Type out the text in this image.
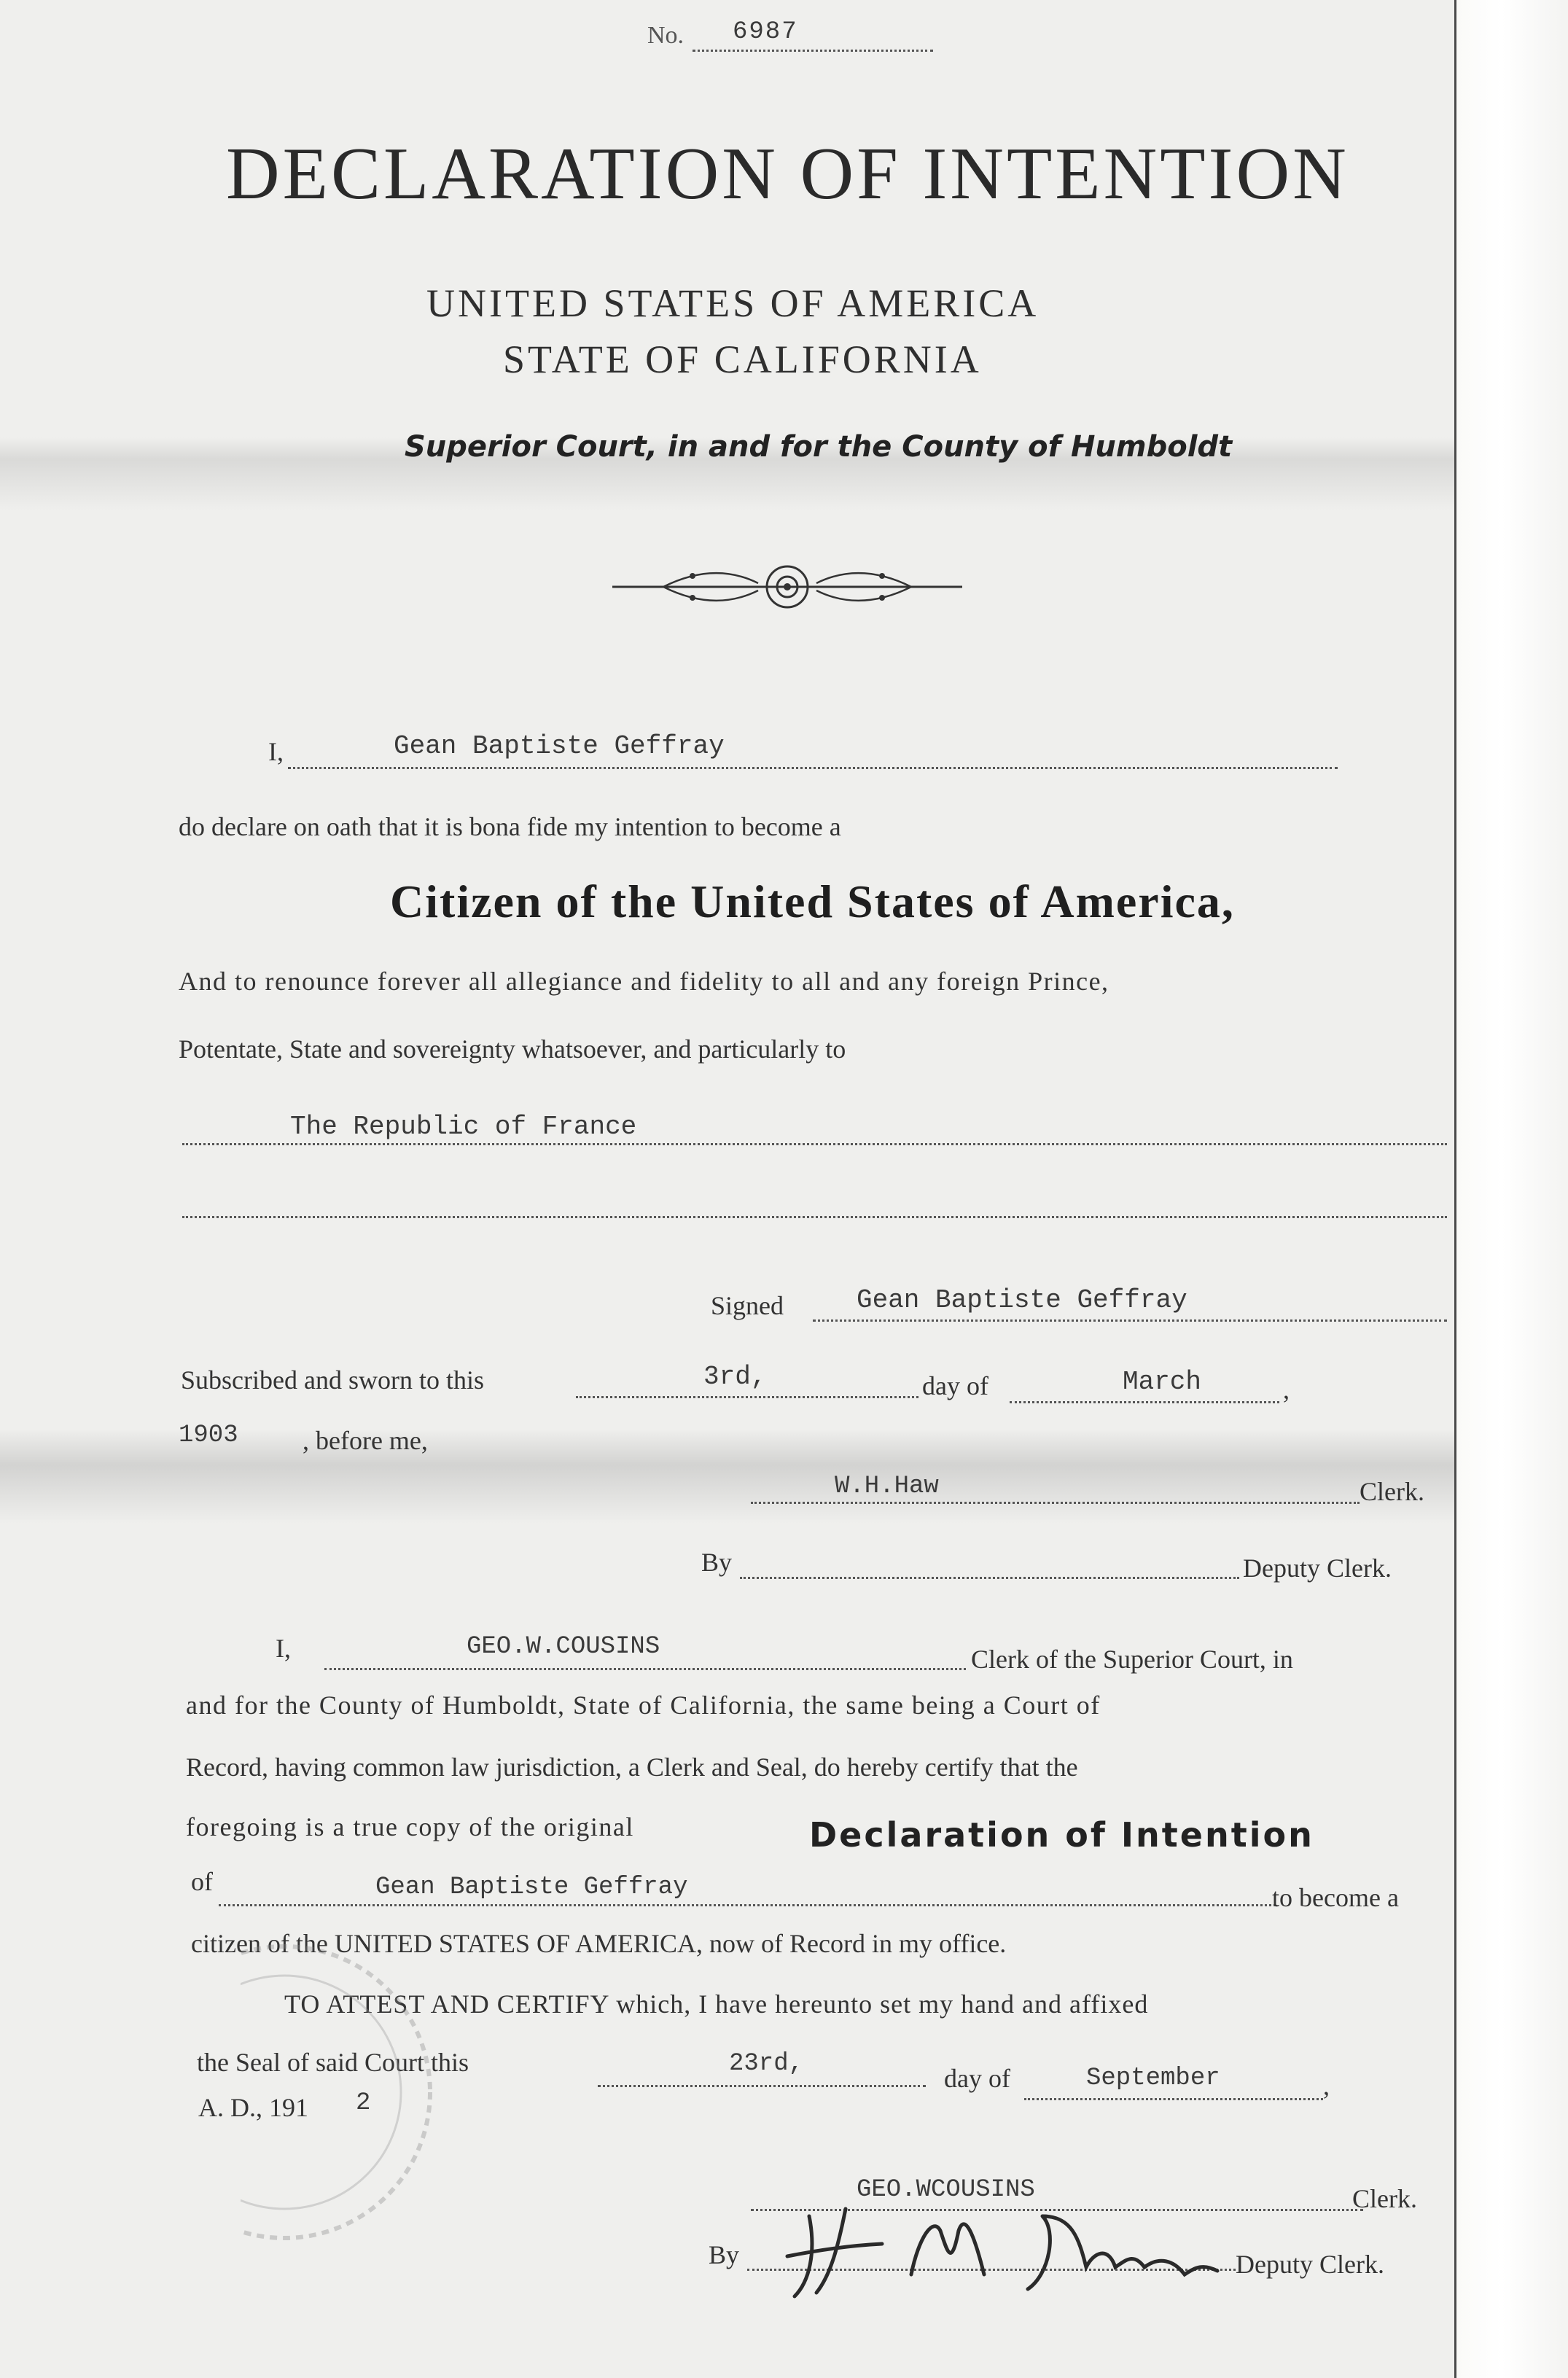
No. 6987
DECLARATION OF INTENTION
UNITED STATES OF AMERICA
STATE OF CALIFORNIA
Superior Court, in and for the County of Humboldt
I,	Gean Baptiste Geffray
do declare on oath that it is bona fide my intention to become a
Citizen of the United States of America,
And to renounce forever all allegiance and fidelity to all and any foreign Prince,
Potentate, State and sovereignty whatsoever, and particularly to
The Republic of France
Signed	Gean Baptiste Geffray
Subscribed and sworn to this	3rd,	day of	March	,
1903 , before me,
W.H.Haw	Clerk.
By	Deputy Clerk.
I,	GEO.W.COUSINS	Clerk of the Superior Court, in
and for the County of Humboldt, State of California, the same being a Court of
Record, having common law jurisdiction, a Clerk and Seal, do hereby certify that the
foregoing is a true copy of the original	Declaration of Intention
of	Gean Baptiste Geffray	to become a
citizen of the UNITED STATES OF AMERICA, now of Record in my office.
TO ATTEST AND CERTIFY which, I have hereunto set my hand and affixed
the Seal of said Court this	23rd,	day of	September	,
A. D., 191 2
GEO.WCOUSINS	Clerk.
By	Deputy Clerk.
